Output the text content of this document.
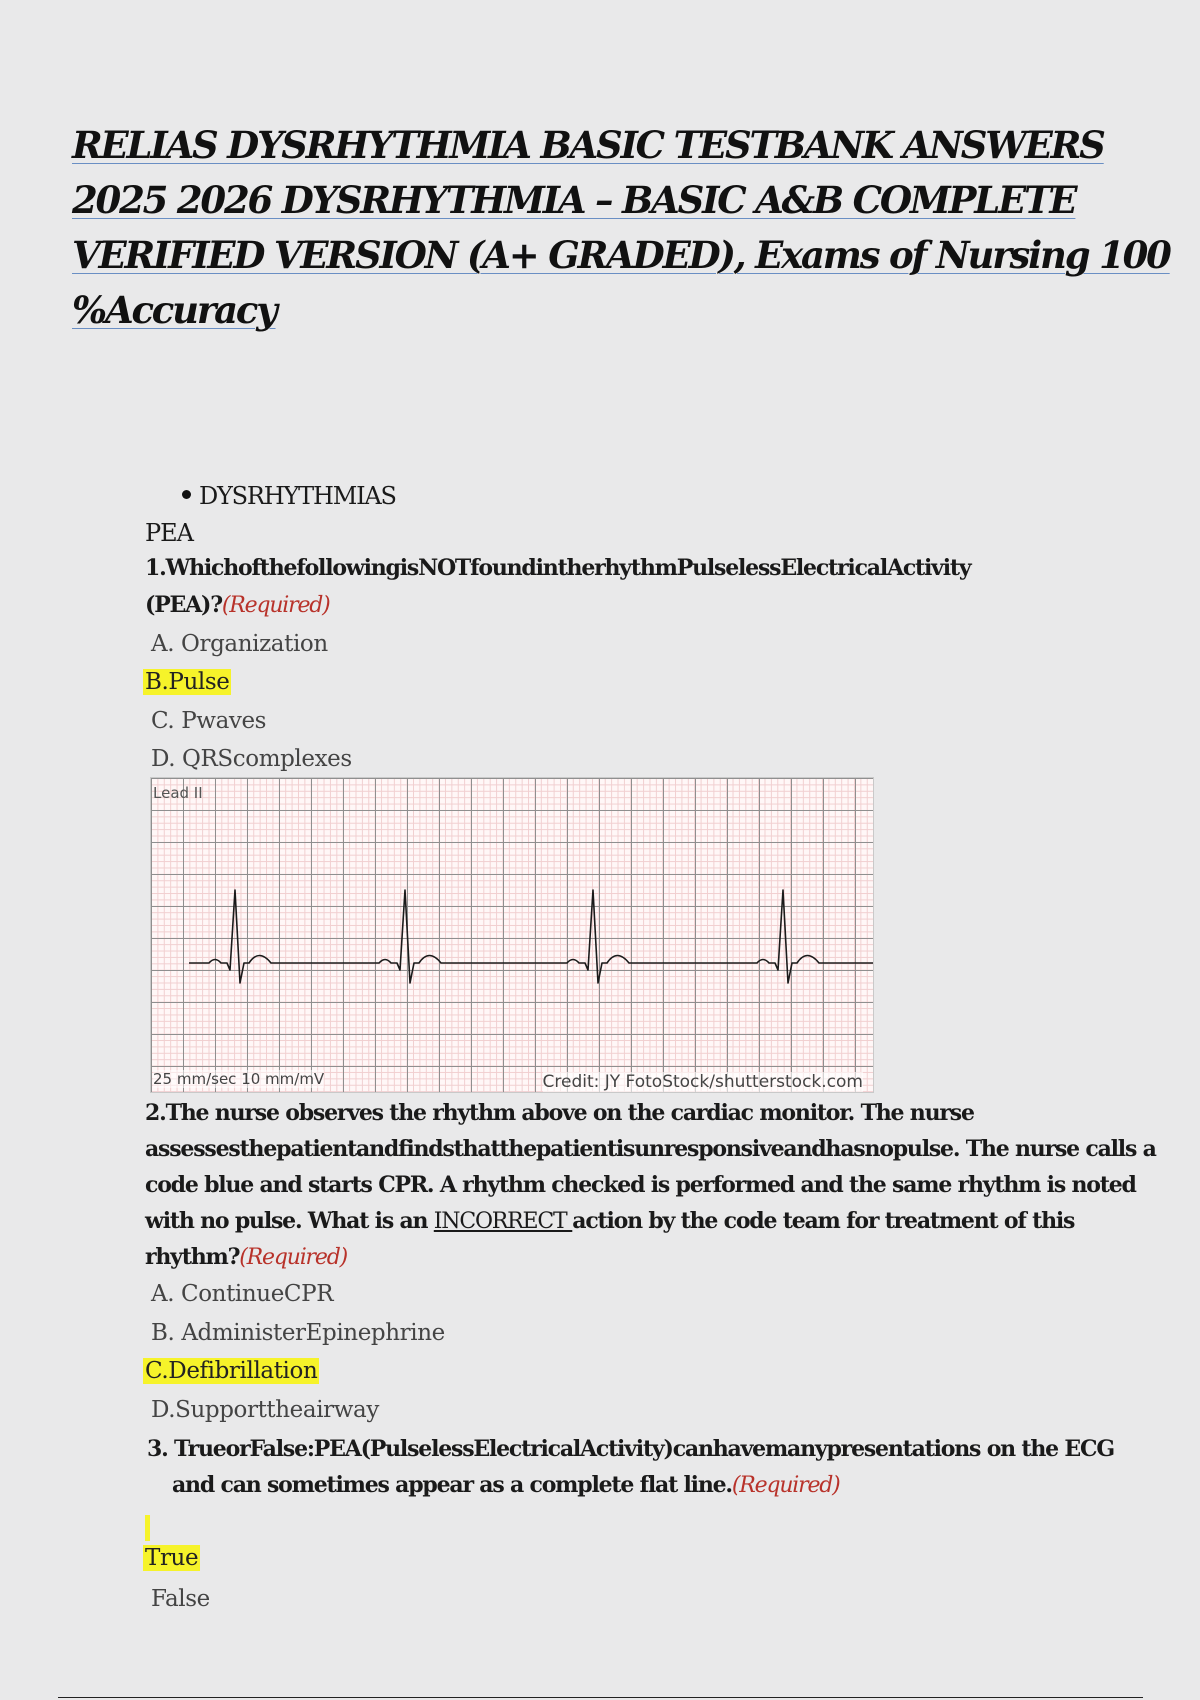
RELIAS DYSRHYTHMIA BASIC TESTBANK ANSWERS
2025 2026 DYSRHYTHMIA – BASIC A&B COMPLETE
VERIFIED VERSION (A+ GRADED), Exams of Nursing 100
%Accuracy
DYSRHYTHMIAS
PEA
1.WhichofthefollowingisNOTfoundintherhythmPulselessElectricalActivity
(PEA)?(Required)
A. Organization
B.Pulse
C. Pwaves
D. QRScomplexes
Lead II
25 mm/sec 10 mm/mV	Credit: JY FotoStock/shutterstock.com
2.The nurse observes the rhythm above on the cardiac monitor. The nurse
assessesthepatientandfindsthatthepatientisunresponsiveandhasnopulse. The nurse calls a
code blue and starts CPR. A rhythm checked is performed and the same rhythm is noted
with no pulse. What is an INCORRECT action by the code team for treatment of this
rhythm?(Required)
A. ContinueCPR
B. AdministerEpinephrine
C.Defibrillation
D.Supporttheairway
3. TrueorFalse:PEA(PulselessElectricalActivity)canhavemanypresentations on the ECG
and can sometimes appear as a complete flat line.(Required)
True
False
